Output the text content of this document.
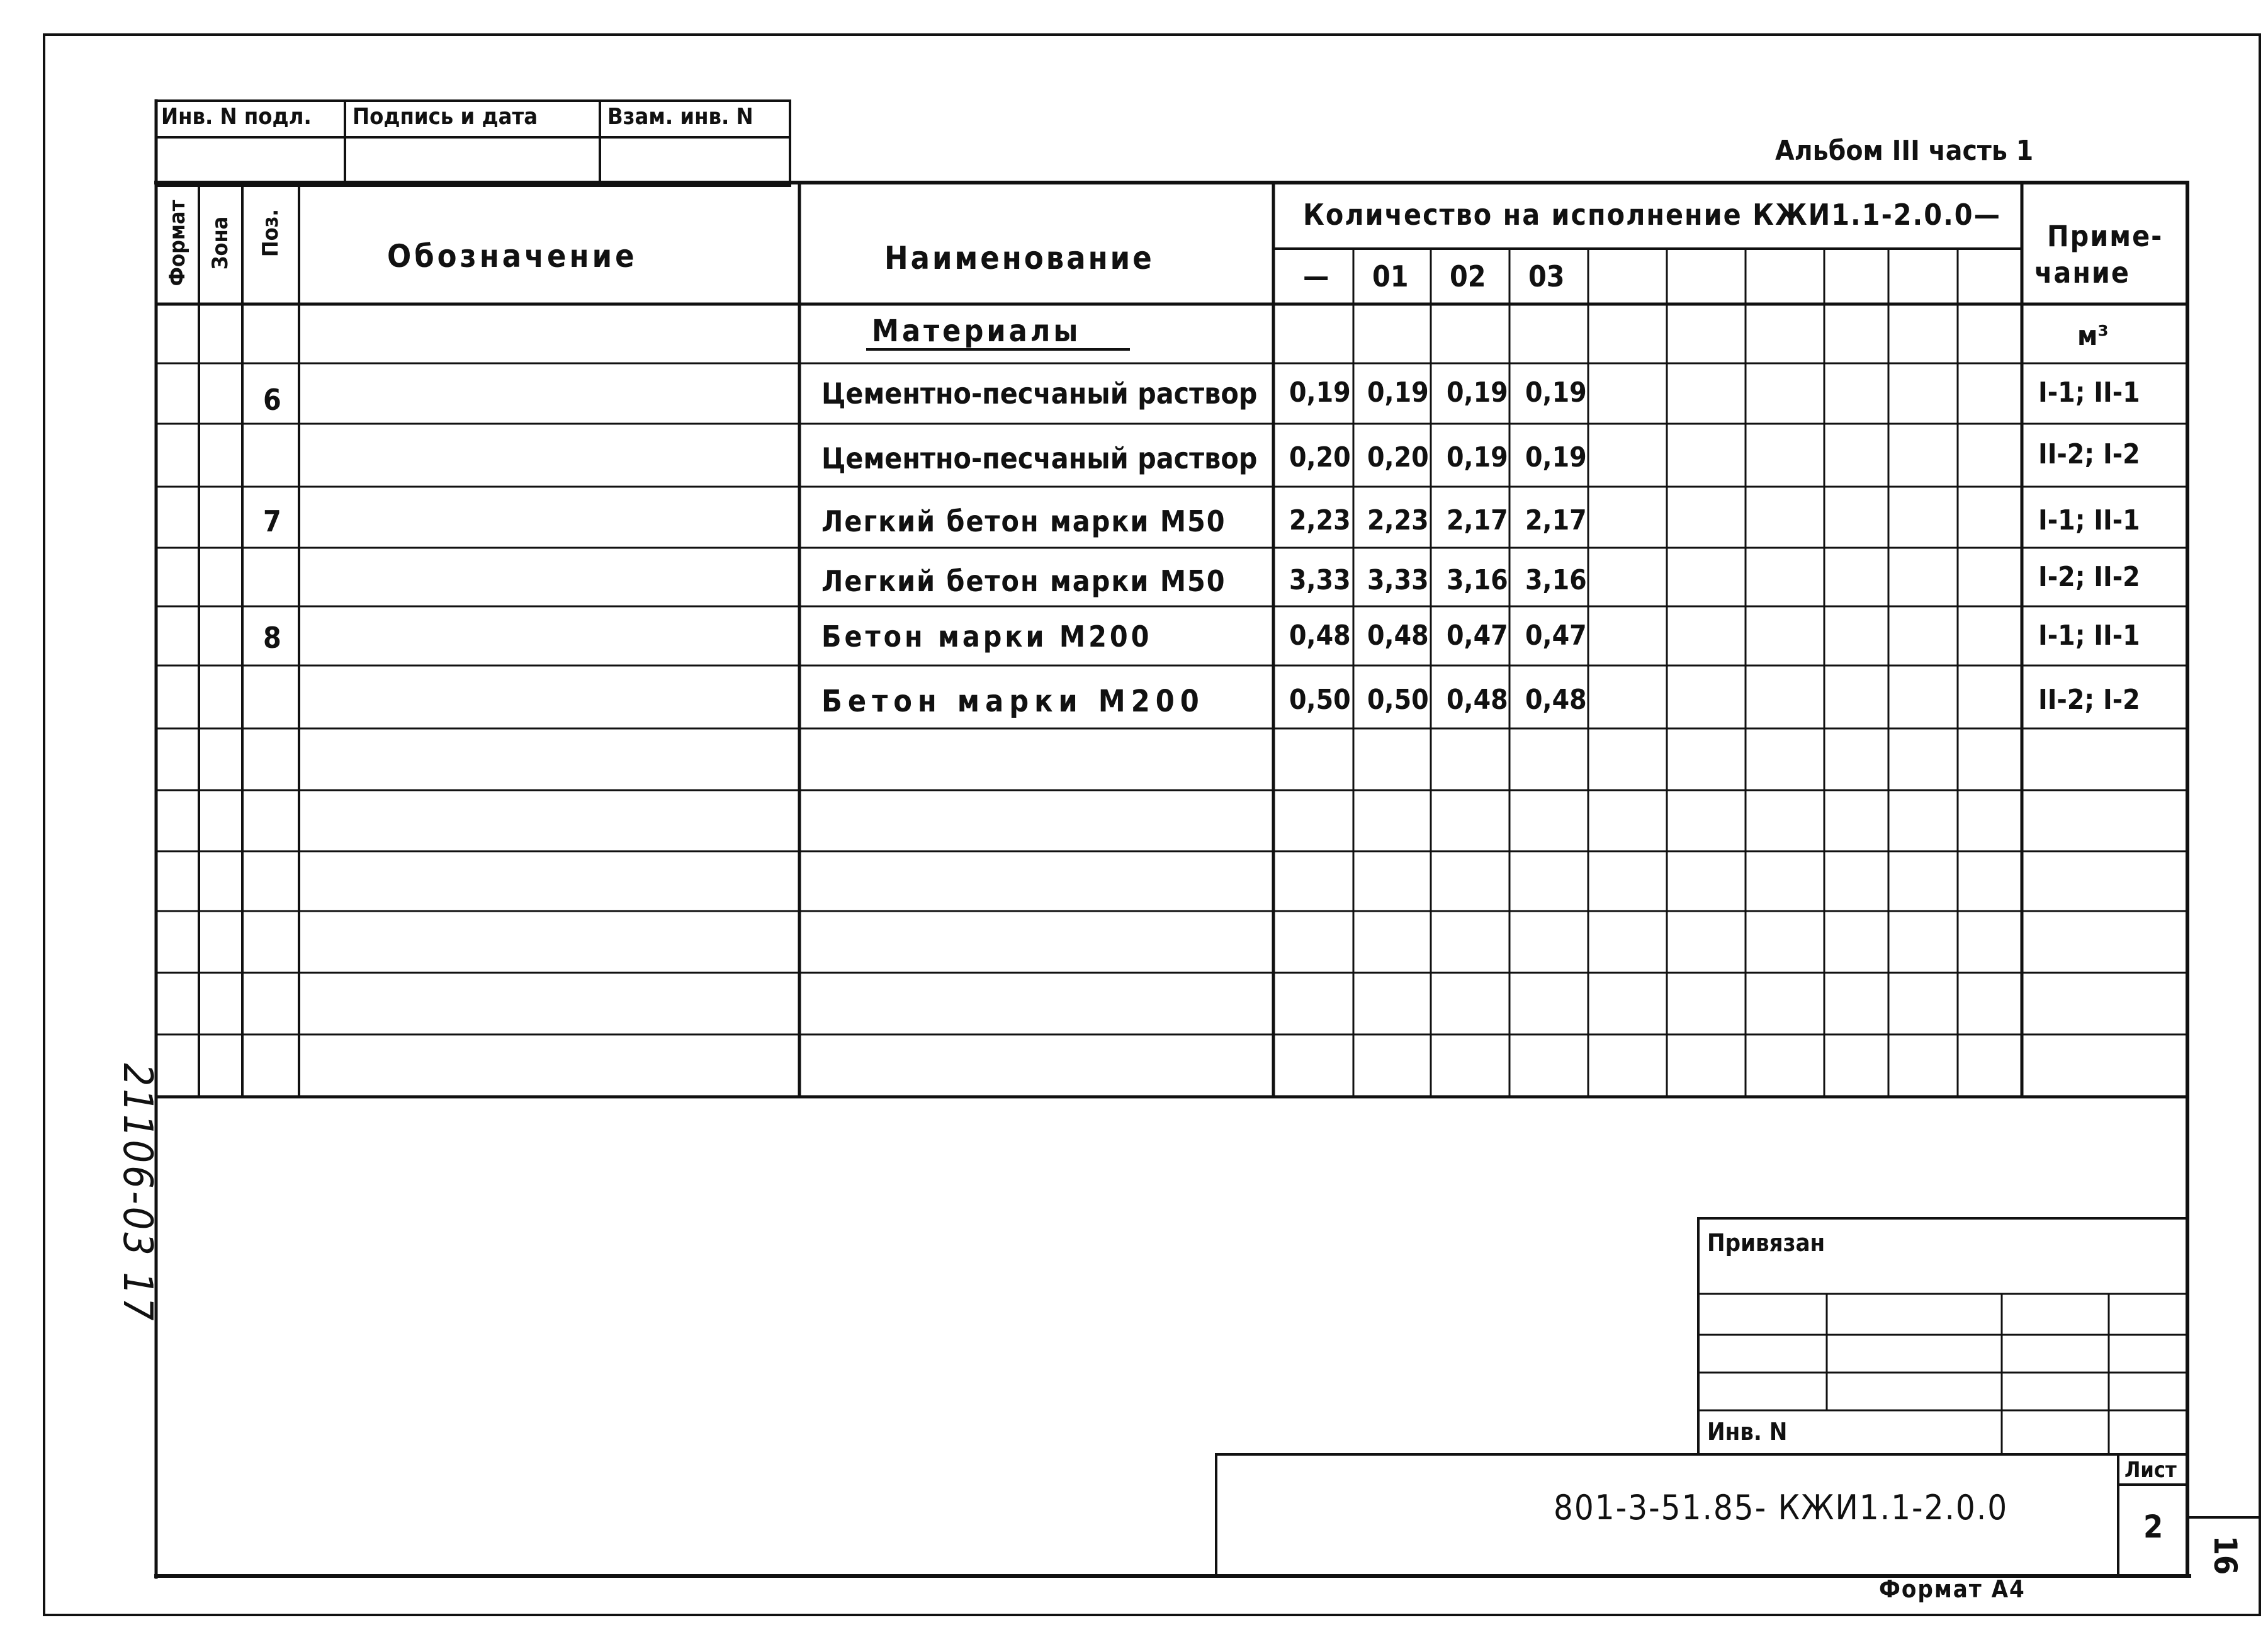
Инв. N подл. Подпись и дата	Взам. инв. N
Альбом III часть 1
Формат Зона Поз.	Обозначение	Наименование
Количество на исполнение КЖИ1.1-2.0.0—
Приме-
чание
— 01 02 03
Материалы	м³
6	Цементно-песчаный раствор 0,19 0,19 0,19 0,19	I-1; II-1
Цементно-песчаный раствор 0,20 0,20 0,19 0,19	II-2; I-2
7	Легкий бетон марки М50 2,23 2,23 2,17 2,17	I-1; II-1
Легкий бетон марки М50 3,33 3,33 3,16 3,16	I-2; II-2
8	Бетон марки М200	0,48 0,48 0,47 0,47	I-1; II-1
Бетон марки М200	0,50 0,50 0,48 0,48	II-2; I-2
21106-03 17	Привязан
Инв. N
801-3-51.85- КЖИ1.1-2.0.0
Лист
2
Формат А4
16
